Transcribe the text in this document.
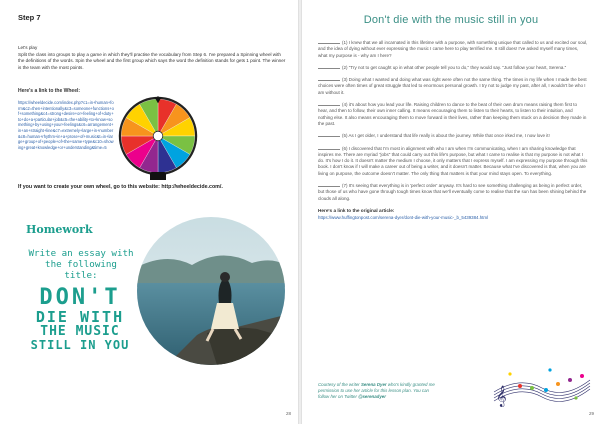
Step 7
Let's play
Split the class into groups to play a game in which they'll practise the vocabulary from Step 6. I've prepared a Spinning wheel with the definitions of the words. Spin the wheel and the first group which says the word the definition stands for gets 1 point. The winner is the team with the most points.
Here's a link to the Wheel:
https://wheeldecide.com/index.php?c1=in+human+form&c2=then+intentionally&c3=someone+functions+of+something&c4=strong+desire+or+feeling+of+duty+to+do+a+particular+job&c5=the+ability+to+know+something+by+using+your+feelings&c6=arrangement+in+an+straight+line&c7=extremely+large+in+number&c8=human+rhythm+in+a+prose+of+music&t=in+large+group+of+people+of+the+same+type&c10=showing+great+knowledge+or+understanding&time=5
If you want to create your own wheel, go to this website: http://wheeldecide.com/.
Homework
Write an essay with the following title:
DON'T
DIE WITH
THE MUSIC
STILL IN YOU
28
Don't die with the music still in you
(1) I knew that we all incarnated in this lifetime with a purpose, with something unique that called to us and excited our soul, and the idea of dying without ever expressing the music I came here to play terrified me. It still does! I've asked myself many times, what my purpose is - why am I here?
(2) "Try not to get caught up in what other people tell you to do," they would say. "Just follow your heart, Serena."
(3) Doing what I wanted and doing what was right were often not the same thing. The times in my life when I made the best choices were often times of great struggle that led to enormous personal growth. I try not to judge my past, after all, I wouldn't be who I am without it.
(4) it's about how you lead your life. Raising children to dance to the beat of their own drum means raising them first to hear, and then to follow, their own inner calling. It means encouraging them to listen to their hearts, to listen to their intuition, and nothing else. It also means encouraging them to move forward in their lives, rather than keeping them stuck on a decision they made in the past.
(5) As I get older, I understand that life really is about the journey. While that once irked me, I now love it!
(6) I discovered that I'm most in alignment with who I am when I'm communicating, when I am sharing knowledge that inspires me. There are myriad "jobs" that could carry out this life's purpose, but what I came to realise is that my purpose is not what I do. It's how I do it. It doesn't matter the medium I choose, it only matters that I express myself. I am expressing my purpose through this book. I don't know if I will make a career out of being a writer, and it doesn't matter. Because what I've discovered is that, when you are living on purpose, the outcome doesn't matter. The only thing that matters is that your mind stays open. To everything.
(7) It's seeing that everything is in 'perfect order' anyway. It's hard to see something challenging as being in perfect order, but those of us who have gone through tough times know that we'll eventually come to realise that the sun has been shining behind the clouds all along.
Here's a link to the original article:
https://www.huffingtonpost.com/serena-dyer/dont-die-with-your-music-_b_5439384.html
Courtesy of the writer Serena Dyer who's kindly granted me permission to use her article for this lesson plan. You can follow her on Twitter @serenadyer	𝄞
29
